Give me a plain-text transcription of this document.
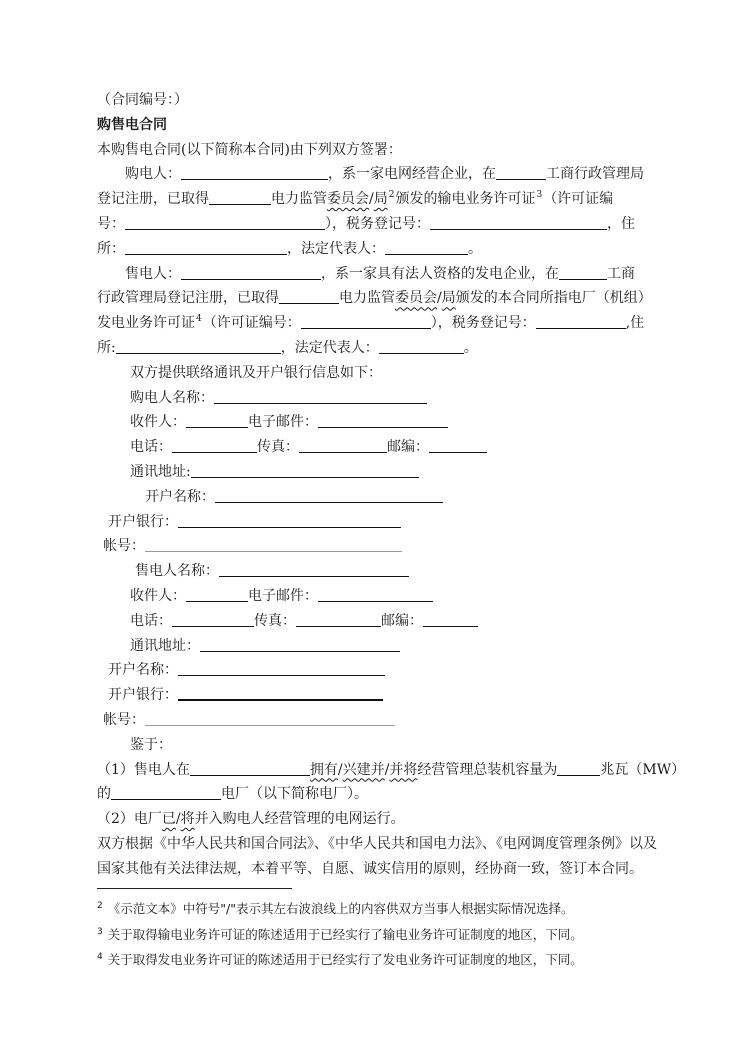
（合同编号：）
购售电合同
本购售电合同(以下简称本合同)由下列双方签署：
购电人：	，系一家电网经营企业，在	工商行政管理局
登记注册，已取得	电力监管委员会/局$^2$颁发的输电业务许可证$^3$（许可证编
号：	），税务登记号：	，住
所：	，法定代表人：	。
售电人：	，系一家具有法人资格的发电企业，在	工商
行政管理局登记注册，已取得	电力监管委员会/局颁发的本合同所指电厂（机组）
发电业务许可证$^4$（许可证编号：	），税务登记号：	,住
所:	，法定代表人：	。
双方提供联络通讯及开户银行信息如下：
购电人名称：
收件人：	电子邮件：
电话：	传真：	邮编：
通讯地址:
开户名称：
开户银行：
帐号：
售电人名称：
收件人：	电子邮件：
电话：	传真：	邮编：
通讯地址：
开户名称：
开户银行：
帐号：
鉴于：
（1）售电人在	拥有/兴建并/并将经营管理总装机容量为	兆瓦（MW）
的	电厂（以下简称电厂）。
（2）电厂已/将并入购电人经营管理的电网运行。
双方根据《中华人民共和国合同法》、《中华人民共和国电力法》、《电网调度管理条例》以及
国家其他有关法律法规，本着平等、自愿、诚实信用的原则，经协商一致，签订本合同。
$^2$ 《示范文本》中符号"/"表示其左右波浪线上的内容供双方当事人根据实际情况选择。
$^3$ 关于取得输电业务许可证的陈述适用于已经实行了输电业务许可证制度的地区，下同。
$^4$ 关于取得发电业务许可证的陈述适用于已经实行了发电业务许可证制度的地区，下同。
